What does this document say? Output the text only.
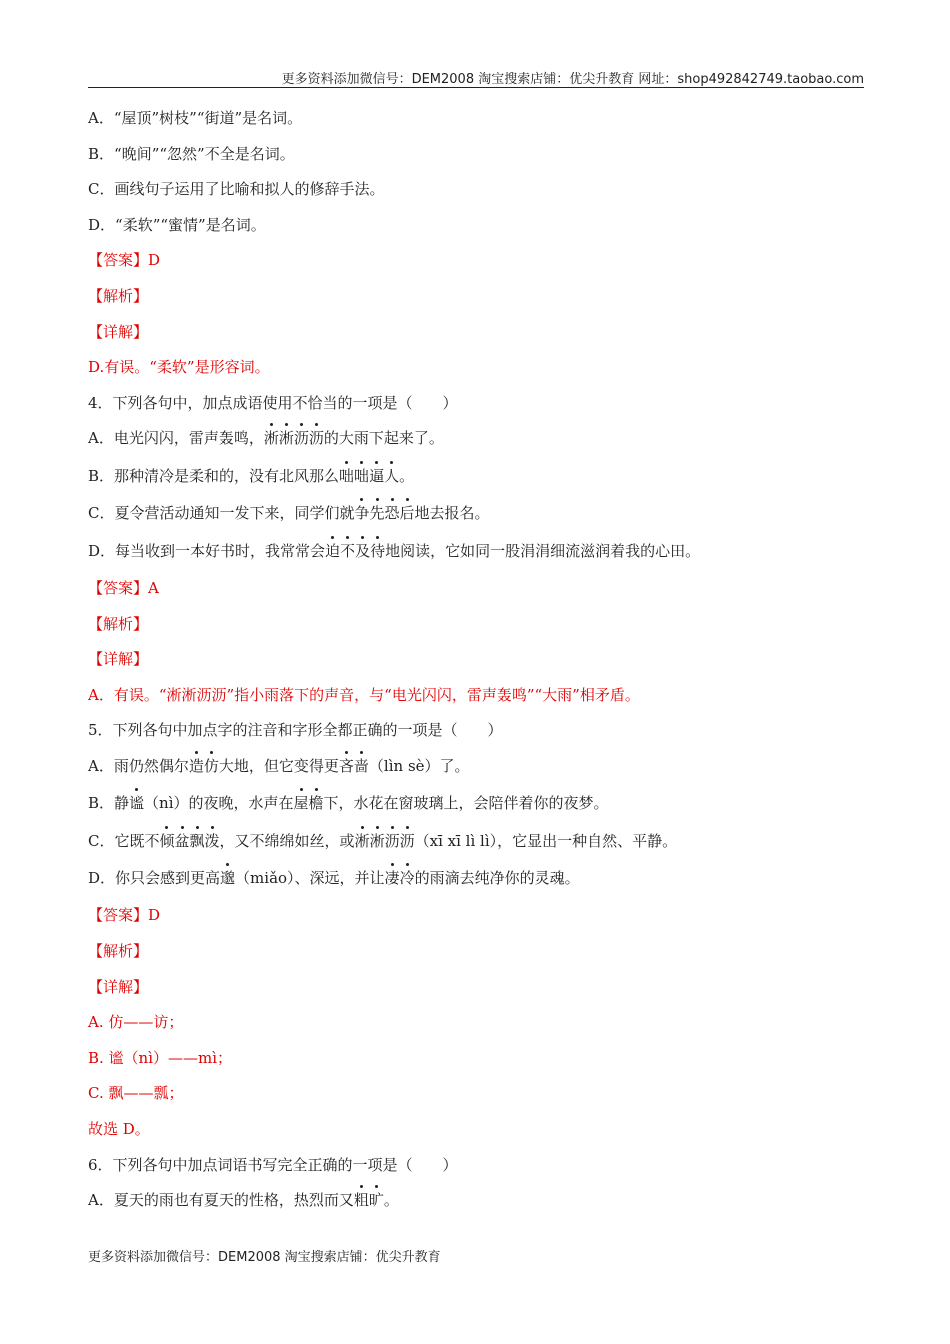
更多资料添加微信号：DEM2008 淘宝搜索店铺：优尖升教育 网址：shop492842749.taobao.com
A．“屋顶”树枝”“街道”是名词。
B．“晚间”“忽然”不全是名词。
C．画线句子运用了比喻和拟人的修辞手法。
D．“柔软”“蜜情”是名词。
【答案】D
【解析】
【详解】
D.有误。“柔软”是形容词。
4．下列各句中，加点成语使用不恰当的一项是（　　）
A．电光闪闪，雷声轰鸣，淅淅沥沥的大雨下起来了。
B．那种清冷是柔和的，没有北风那么咄咄逼人。
C．夏令营活动通知一发下来，同学们就争先恐后地去报名。
D．每当收到一本好书时，我常常会迫不及待地阅读，它如同一股涓涓细流滋润着我的心田。
【答案】A
【解析】
【详解】
A．有误。“淅淅沥沥”指小雨落下的声音，与“电光闪闪，雷声轰鸣”“大雨”相矛盾。
5．下列各句中加点字的注音和字形全都正确的一项是（　　）
A．雨仍然偶尔造仿大地，但它变得更吝啬（lìn sè）了。
B．静谧（nì）的夜晚，水声在屋檐下，水花在窗玻璃上，会陪伴着你的夜梦。
C．它既不倾盆飘泼，又不绵绵如丝，或淅淅沥沥（xī xī lì lì），它显出一种自然、平静。
D．你只会感到更高邈（miǎo）、深远，并让凄冷的雨滴去纯净你的灵魂。
【答案】D
【解析】
【详解】
A. 仿——访；
B. 谧（nì）——mì；
C. 飘——瓢；
故选 D。
6．下列各句中加点词语书写完全正确的一项是（　　）
A．夏天的雨也有夏天的性格，热烈而又粗旷。
更多资料添加微信号：DEM2008 淘宝搜索店铺：优尖升教育
